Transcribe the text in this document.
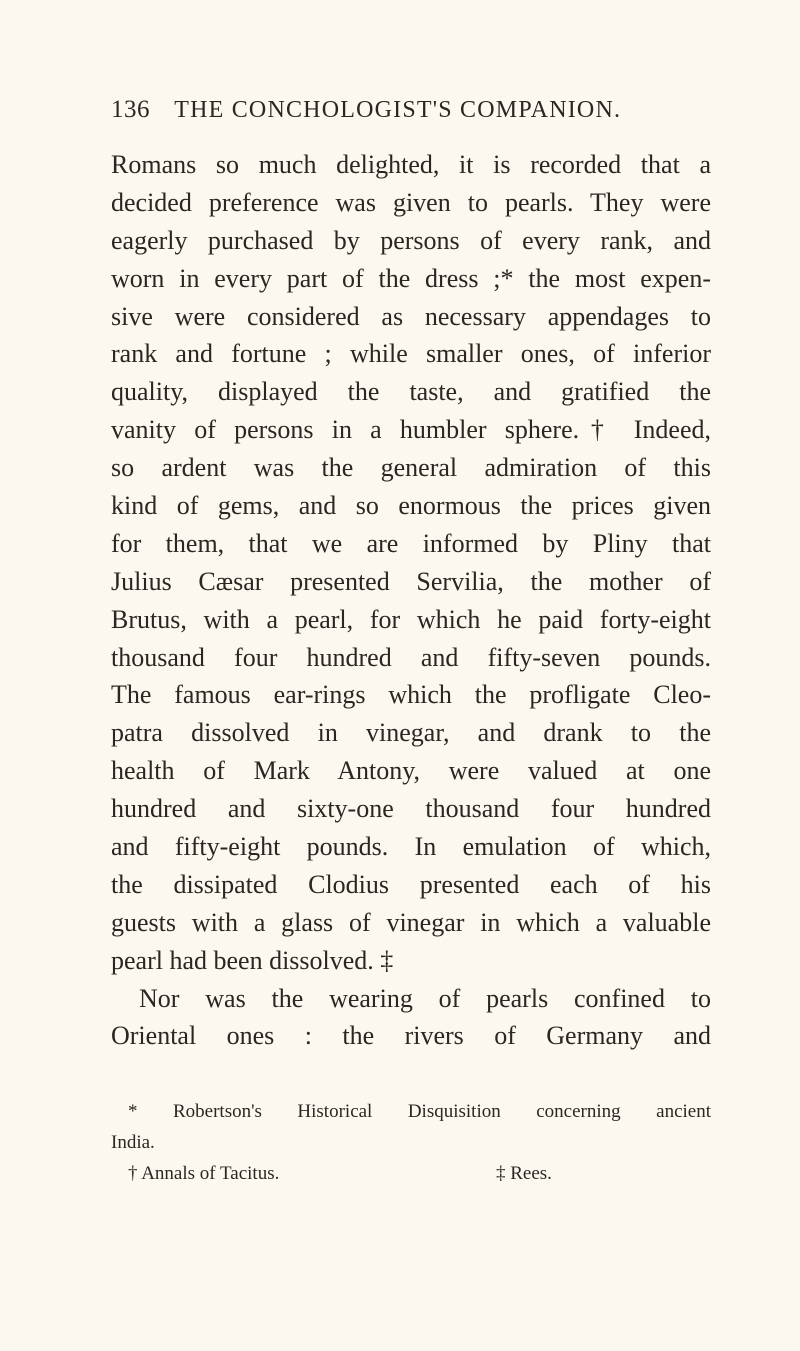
136 THE CONCHOLOGIST'S COMPANION.
Romans so much delighted, it is recorded that a
decided preference was given to pearls. They were
eagerly purchased by persons of every rank, and
worn in every part of the dress ;* the most expen-
sive were considered as necessary appendages to
rank and fortune ; while smaller ones, of inferior
quality, displayed the taste, and gratified the
vanity of persons in a humbler sphere.† Indeed,
so ardent was the general admiration of this
kind of gems, and so enormous the prices given
for them, that we are informed by Pliny that
Julius Cæsar presented Servilia, the mother of
Brutus, with a pearl, for which he paid forty-eight
thousand four hundred and fifty-seven pounds.
The famous ear-rings which the profligate Cleo-
patra dissolved in vinegar, and drank to the
health of Mark Antony, were valued at one
hundred and sixty-one thousand four hundred
and fifty-eight pounds. In emulation of which,
the dissipated Clodius presented each of his
guests with a glass of vinegar in which a valuable
pearl had been dissolved. ‡
Nor was the wearing of pearls confined to
Oriental ones : the rivers of Germany and
* Robertson's Historical Disquisition concerning ancient
India.
† Annals of Tacitus.	‡ Rees.
